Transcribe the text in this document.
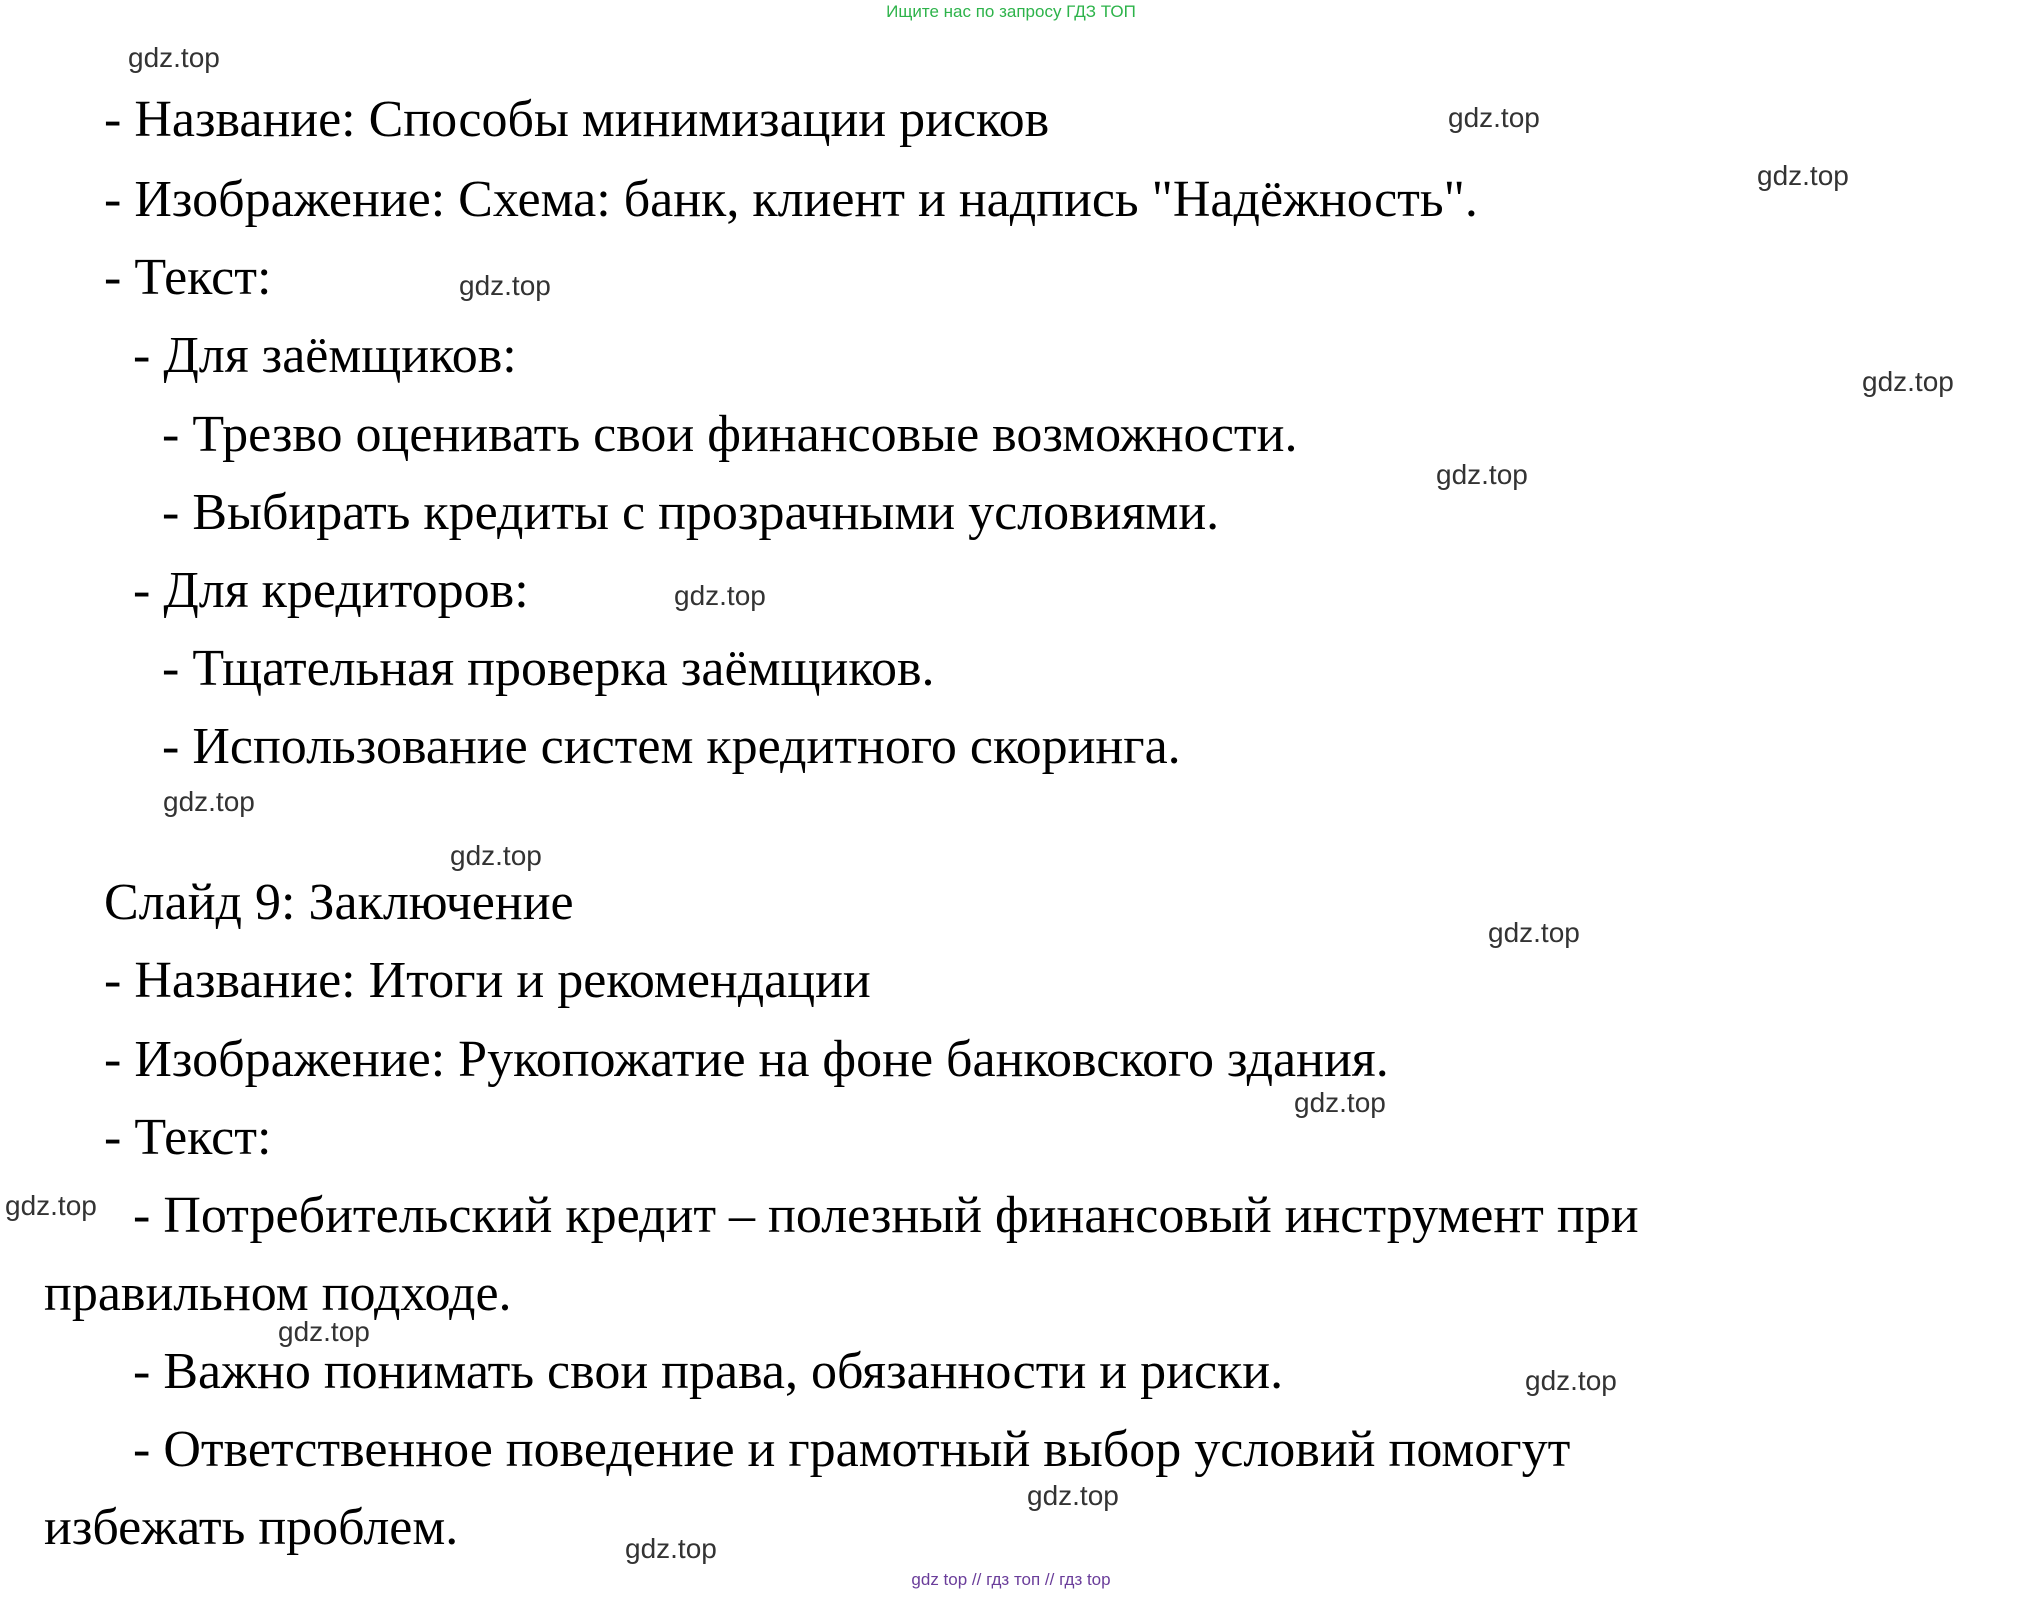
Ищите нас по запросу ГДЗ ТОП
- Название: Способы минимизации рисков
- Изображение: Схема: банк, клиент и надпись "Надёжность".
- Текст:
- Для заёмщиков:
- Трезво оценивать свои финансовые возможности.
- Выбирать кредиты с прозрачными условиями.
- Для кредиторов:
- Тщательная проверка заёмщиков.
- Использование систем кредитного скоринга.
Слайд 9: Заключение
- Название: Итоги и рекомендации
- Изображение: Рукопожатие на фоне банковского здания.
- Текст:
- Потребительский кредит – полезный финансовый инструмент при
правильном подходе.
- Важно понимать свои права, обязанности и риски.
- Ответственное поведение и грамотный выбор условий помогут
избежать проблем.
gdz.top
gdz.top
gdz.top
gdz.top
gdz.top
gdz.top
gdz.top
gdz.top
gdz.top
gdz.top
gdz.top
gdz.top
gdz.top
gdz.top
gdz.top
gdz.top
gdz top // гдз топ // гдз top
